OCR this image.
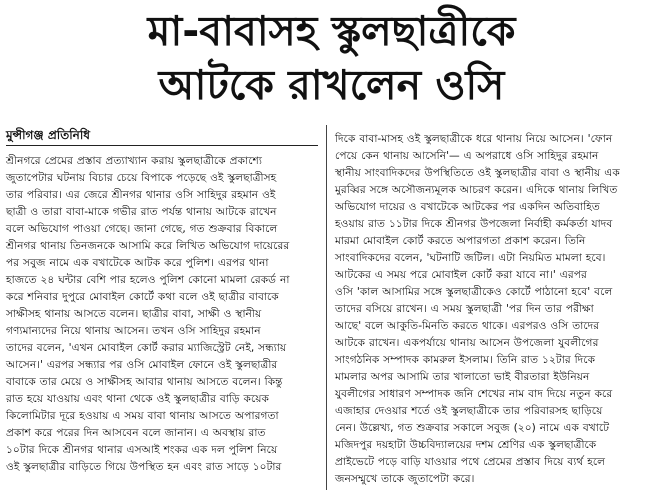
মা-বাবাসহ স্কুলছাত্রীকে
আটকে রাখলেন ওসি
মুন্সীগঞ্জ প্রতিনিধি
শ্রীনগরে প্রেমের প্রস্তাব প্রত্যাখ্যান করায় স্কুলছাত্রীকে প্রকাশ্যে
জুতাপেটার ঘটনায় বিচার চেয়ে বিপাকে পড়েছে ওই স্কুলছাত্রীসহ
তার পরিবার। এর জেরে শ্রীনগর থানার ওসি সাহিদুর রহমান ওই
ছাত্রী ও তারা বাবা-মাকে গভীর রাত পর্যন্ত থানায় আটকে রাখেন
বলে অভিযোগ পাওয়া গেছে। জানা গেছে, গত শুক্রবার বিকালে
শ্রীনগর থানায় তিনজনকে আসামি করে লিখিত অভিযোগ দায়েরের
পর সবুজ নামে এক বখাটেকে আটক করে পুলিশ। এরপর থানা
হাজতে ২৪ ঘন্টার বেশি পার হলেও পুলিশ কোনো মামলা রেকর্ড না
করে শনিবার দুপুরে মোবাইল কোর্টে কথা বলে ওই ছাত্রীর বাবাকে
সাক্ষীসহ থানায় আসতে বলেন। ছাত্রীর বাবা, সাক্ষী ও স্থানীয়
গণ্যমান্যদের নিয়ে থানায় আসেন। তখন ওসি সাহিদুর রহমান
তাদের বলেন, 'এখন মোবাইল কোর্ট করার ম্যাজিস্ট্রেট নেই, সন্ধ্যায়
আসেন।' এরপর সন্ধ্যার পর ওসি মোবাইল ফোনে ওই স্কুলছাত্রীর
বাবাকে তার মেয়ে ও সাক্ষীসহ আবার থানায় আসতে বলেন। কিন্তু
রাত হয়ে যাওয়ায় এবং থানা থেকে ওই স্কুলছাত্রীর বাড়ি কয়েক
কিলোমিটার দূরে হওয়ায় এ সময় বাবা থানায় আসতে অপারগতা
প্রকাশ করে পরের দিন আসবেন বলে জানান। এ অবস্থায় রাত
১০টার দিকে শ্রীনগর থানার এসআই শংকর এক দল পুলিশ নিয়ে
ওই স্কুলছাত্রীর বাড়িতে গিয়ে উপস্থিত হন এবং রাত সাড়ে ১০টার
দিকে বাবা-মাসহ ওই স্কুলছাত্রীকে ধরে থানায় নিয়ে আসেন। 'ফোন
পেয়ে কেন থানায় আসেনি'— এ অপরাধে ওসি সাহিদুর রহমান
স্থানীয় সাংবাদিকদের উপস্থিতিতে ওই স্কুলছাত্রীর বাবা ও স্থানীয় এক
মুরব্বির সঙ্গে অসৌজন্যমূলক আচরণ করেন। এদিকে থানায় লিখিত
অভিযোগ দায়ের ও বখাটেকে আটকের পর একদিন অতিবাহিত
হওয়ায় রাত ১১টার দিকে শ্রীনগর উপজেলা নির্বাহী কর্মকর্তা যাদব
মারমা মোবাইল কোর্ট করতে অপারগতা প্রকাশ করেন। তিনি
সাংবাদিকদের বলেন, 'ঘটনাটি জটিল। এটা নিয়মিত মামলা হবে।
আটকের এ সময় পরে মোবাইল কোর্ট করা যাবে না।' এরপর
ওসি 'কাল আসামির সঙ্গে স্কুলছাত্রীকেও কোর্টে পাঠানো হবে' বলে
তাদের বসিয়ে রাখেন। এ সময় স্কুলছাত্রী 'পর দিন তার পরীক্ষা
আছে' বলে আকুতি-মিনতি করতে থাকে। এরপরও ওসি তাদের
আটকে রাখেন। একপর্যায়ে থানায় আসেন উপজেলা যুবলীগের
সাংগঠনিক সম্পাদক কামরুল ইসলাম। তিনি রাত ১২টার দিকে
মামলার অপর আসামি তার খালাতো ভাই বীরতারা ইউনিয়ন
যুবলীগের সাধারণ সম্পাদক জনি শেখের নাম বাদ দিয়ে নতুন করে
এজাহার দেওয়ার শর্তে ওই স্কুলছাত্রীকে তার পরিবারসহ ছাড়িয়ে
নেন। উল্লেখ্য, গত শুক্রবার সকালে সবুজ (২০) নামে এক বখাটে
মজিদপুর দয়হাটা উচ্চবিদ্যালয়ের দশম শ্রেণির এক স্কুলছাত্রীকে
প্রাইভেটে পড়ে বাড়ি যাওয়ার পথে প্রেমের প্রস্তাব দিয়ে ব্যর্থ হলে
জনসম্মুখে তাকে জুতাপেটা করে।
